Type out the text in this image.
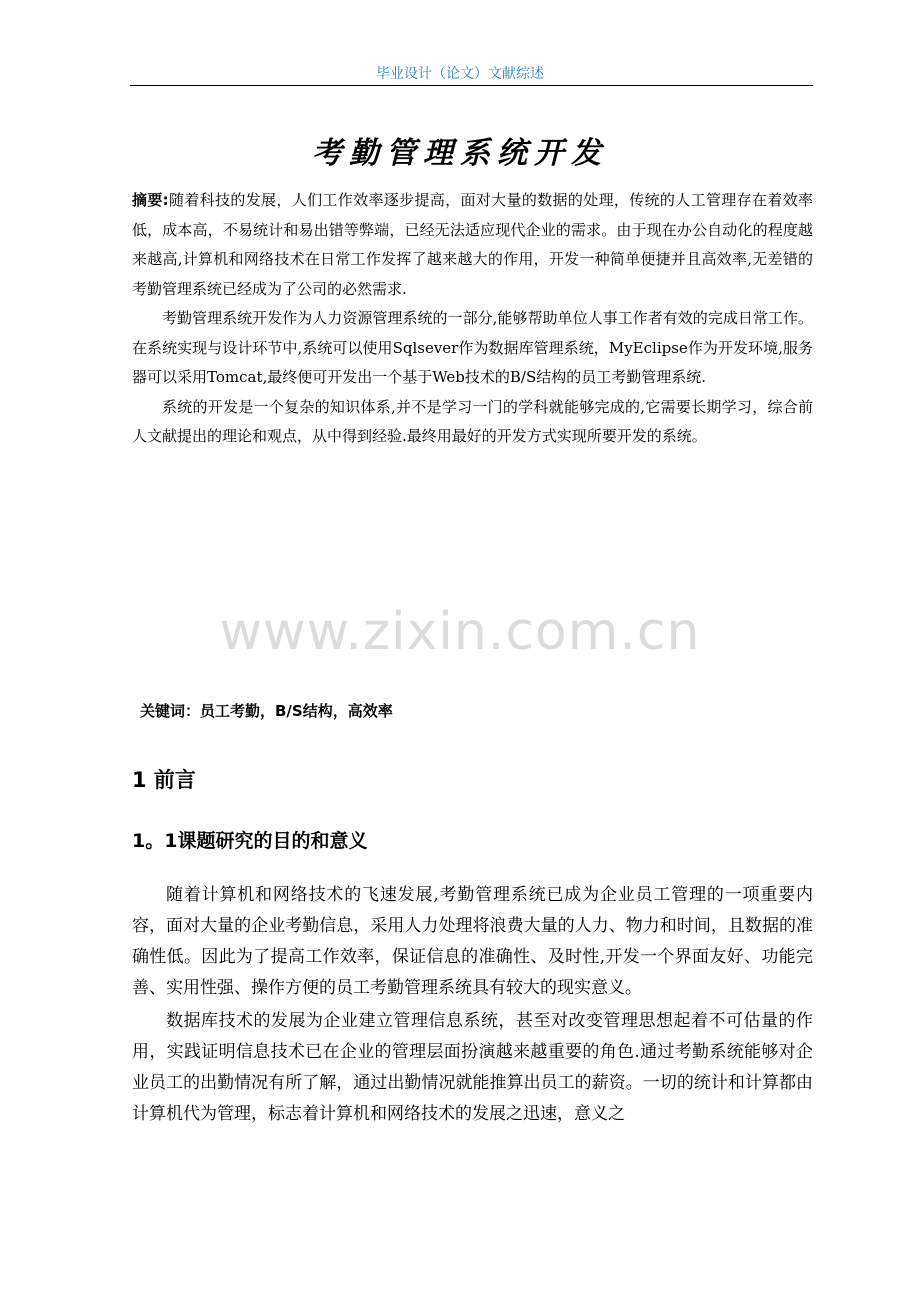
毕业设计（论文）文献综述
考勤管理系统开发

摘要:随着科技的发展，人们工作效率逐步提高，面对大量的数据的处理，传统的人工管理存在着效率低，成本高，不易统计和易出错等弊端，已经无法适应现代企业的需求。由于现在办公自动化的程度越来越高,计算机和网络技术在日常工作发挥了越来越大的作用，开发一种简单便捷并且高效率,无差错的考勤管理系统已经成为了公司的必然需求.

考勤管理系统开发作为人力资源管理系统的一部分,能够帮助单位人事工作者有效的完成日常工作。在系统实现与设计环节中,系统可以使用Sqlsever作为数据库管理系统，MyEclipse作为开发环境,服务器可以采用Tomcat,最终便可开发出一个基于Web技术的B/S结构的员工考勤管理系统.

系统的开发是一个复杂的知识体系,并不是学习一门的学科就能够完成的,它需要长期学习，综合前人文献提出的理论和观点，从中得到经验.最终用最好的开发方式实现所要开发的系统。

www.zixin.com.cn
关键词：员工考勤，B/S结构，高效率
1 前言
1。1课题研究的目的和意义

随着计算机和网络技术的飞速发展,考勤管理系统已成为企业员工管理的一项重要内容，面对大量的企业考勤信息，采用人力处理将浪费大量的人力、物力和时间，且数据的准确性低。因此为了提高工作效率，保证信息的准确性、及时性,开发一个界面友好、功能完善、实用性强、操作方便的员工考勤管理系统具有较大的现实意义。

数据库技术的发展为企业建立管理信息系统，甚至对改变管理思想起着不可估量的作用，实践证明信息技术已在企业的管理层面扮演越来越重要的角色.通过考勤系统能够对企业员工的出勤情况有所了解，通过出勤情况就能推算出员工的薪资。一切的统计和计算都由计算机代为管理，标志着计算机和网络技术的发展之迅速，意义之
